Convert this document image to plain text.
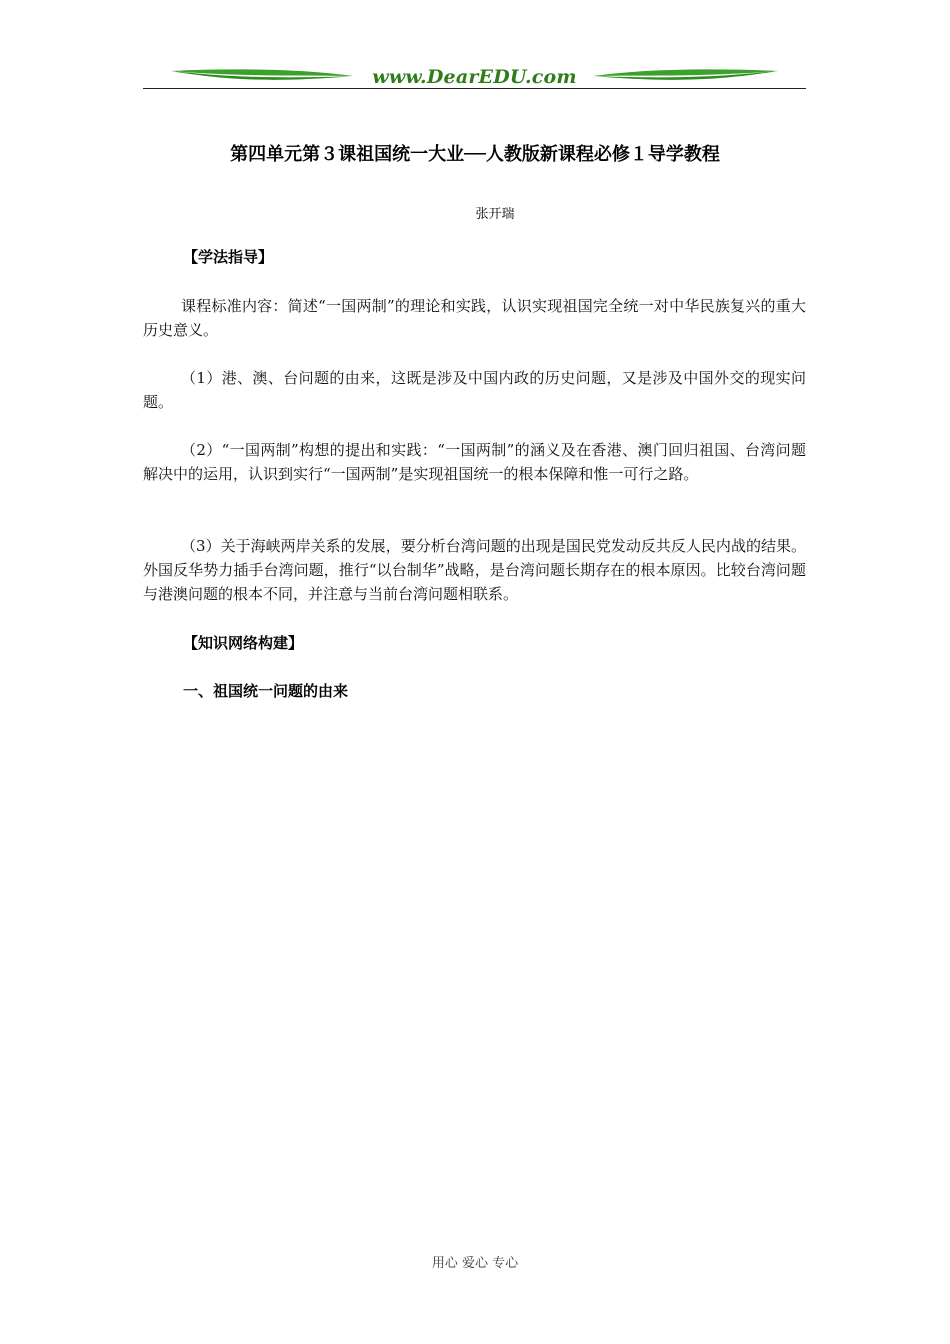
www.DearEDU.com
第四单元第３课祖国统一大业──人教版新课程必修１导学教程
张开瑞
【学法指导】
课程标准内容：简述“一国两制”的理论和实践，认识实现祖国完全统一对中华民族复兴的重大历史意义。
（1）港、澳、台问题的由来，这既是涉及中国内政的历史问题，又是涉及中国外交的现实问题。
（2）“一国两制”构想的提出和实践：“一国两制”的涵义及在香港、澳门回归祖国、台湾问题解决中的运用，认识到实行“一国两制”是实现祖国统一的根本保障和惟一可行之路。
（3）关于海峡两岸关系的发展，要分析台湾问题的出现是国民党发动反共反人民内战的结果。外国反华势力插手台湾问题，推行“以台制华”战略，是台湾问题长期存在的根本原因。比较台湾问题与港澳问题的根本不同，并注意与当前台湾问题相联系。
【知识网络构建】
一、祖国统一问题的由来
用心 爱心 专心
